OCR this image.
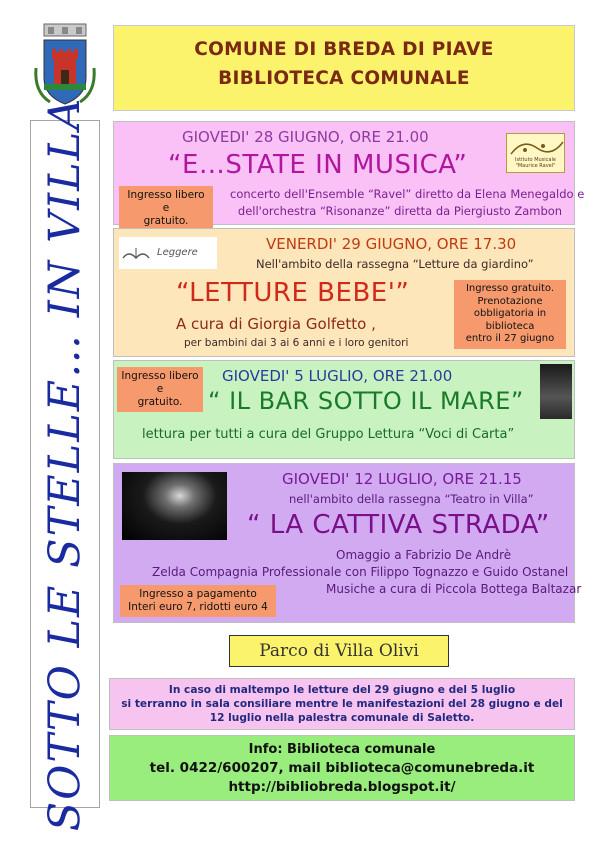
COMUNE DI BREDA DI PIAVE
BIBLIOTECA COMUNALE
SOTTO LE STELLE… IN VILLA	GIOVEDI' 28 GIUGNO, ORE 21.00
“E…STATE IN MUSICA”
Ingresso libero e
gratuito.
concerto dell'Ensemble “Ravel” diretto da Elena Menegaldo e
dell'orchestra “Risonanze” diretta da Piergiusto Zambon
Istituto Musicale
"Maurice Ravel"
Leggere	VENERDI' 29 GIUGNO, ORE 17.30
Nell'ambito della rassegna “Letture da giardino”
“LETTURE BEBE'”
A cura di Giorgia Golfetto ,
per bambini dai 3 ai 6 anni e i loro genitori
Ingresso gratuito.
Prenotazione
obbligatoria in biblioteca
entro il 27 giugno
Ingresso libero e
gratuito.
GIOVEDI' 5 LUGLIO, ORE 21.00
“ IL BAR SOTTO IL MARE”
lettura per tutti a cura del Gruppo Lettura “Voci di Carta”
GIOVEDI' 12 LUGLIO, ORE 21.15
nell'ambito della rassegna “Teatro in Villa”
“ LA CATTIVA STRADA”
Omaggio a Fabrizio De Andrè
Zelda Compagnia Professionale con Filippo Tognazzo e Guido Ostanel
Musiche a cura di Piccola Bottega Baltazar
Ingresso a pagamento
Interi euro 7, ridotti euro 4
Parco di Villa Olivi
In caso di maltempo le letture del 29 giugno e del 5 luglio
si terranno in sala consiliare mentre le manifestazioni del 28 giugno e del
12 luglio nella palestra comunale di Saletto.
Info: Biblioteca comunale
tel. 0422/600207, mail biblioteca@comunebreda.it
http://bibliobreda.blogspot.it/
